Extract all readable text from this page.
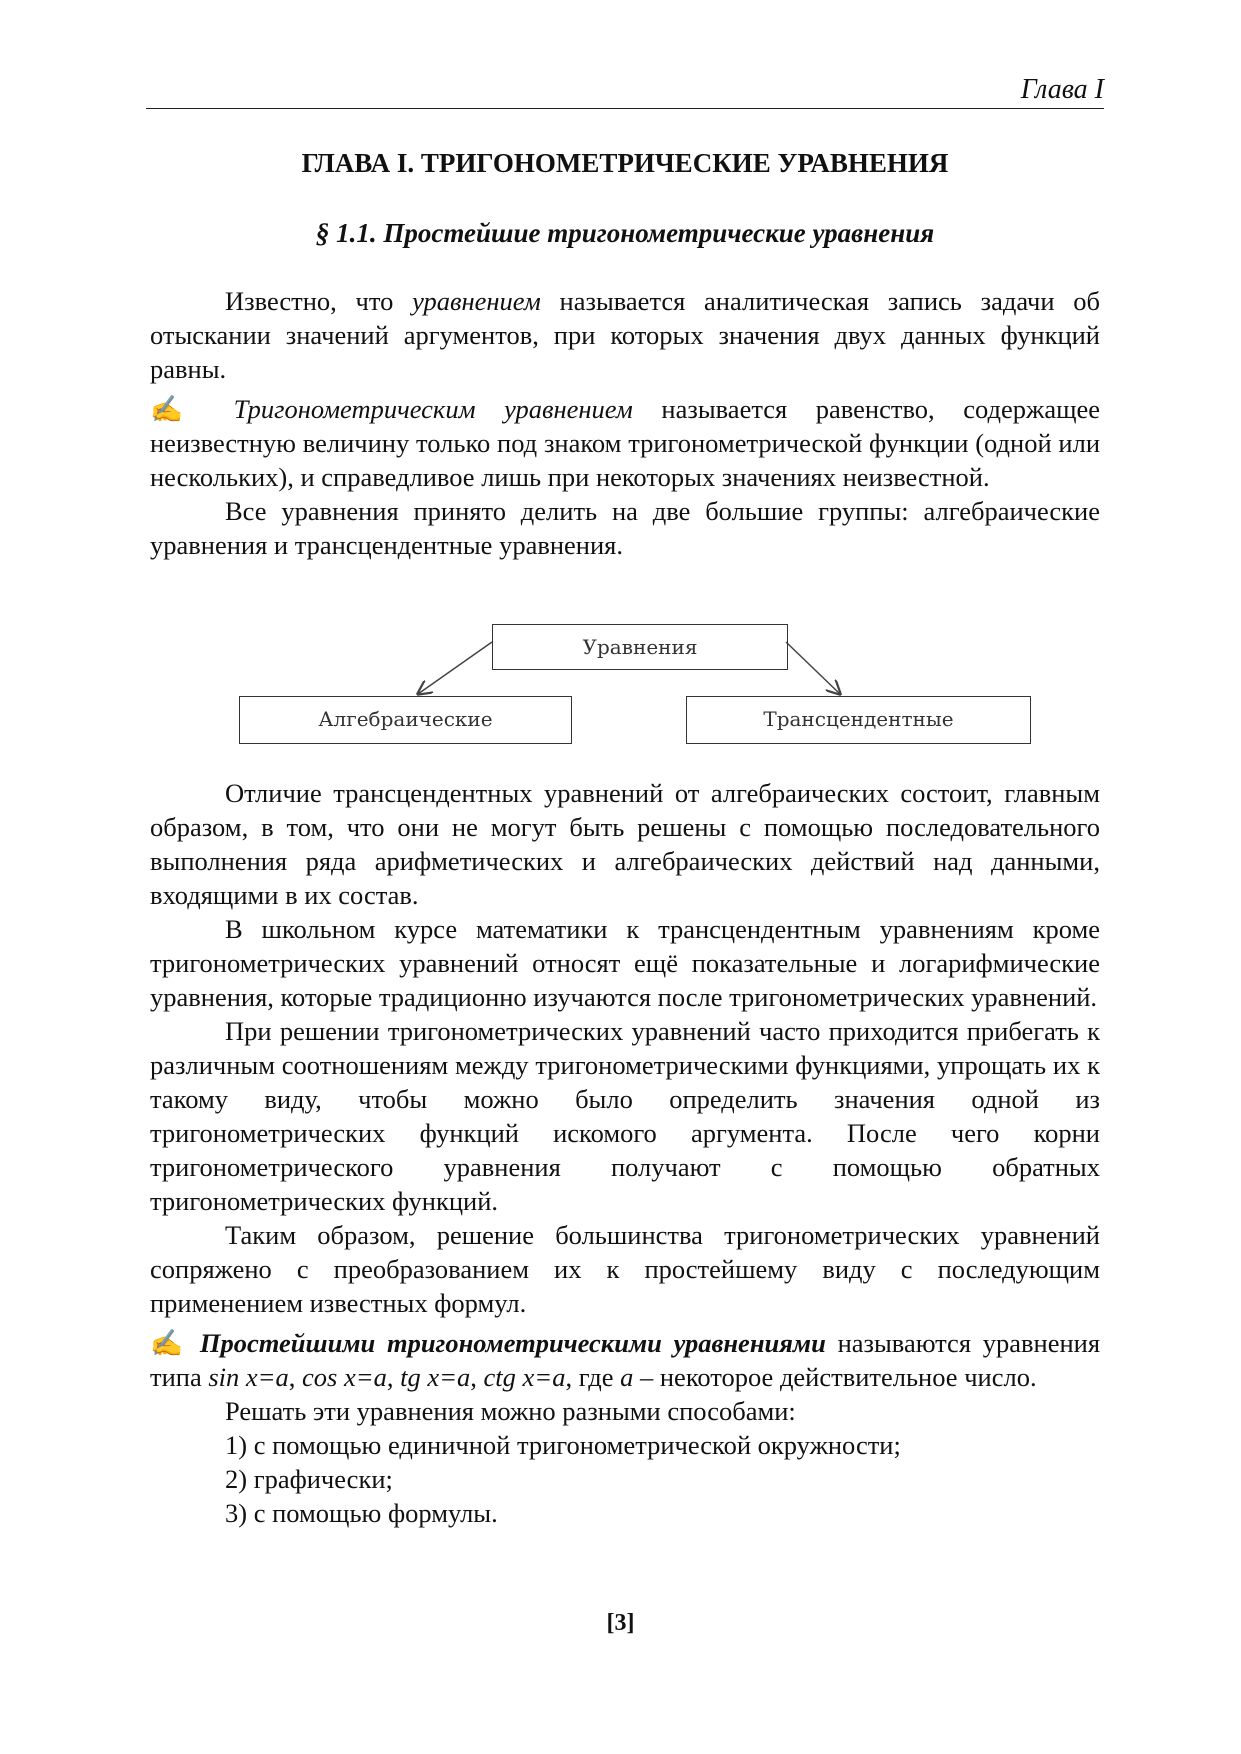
Глава I
ГЛАВА I. ТРИГОНОМЕТРИЧЕСКИЕ УРАВНЕНИЯ
§ 1.1. Простейшие тригонометрические уравнения

Известно, что уравнением называется аналитическая запись задачи об отыскании значений аргументов, при которых значения двух данных функций равны.

✍ Тригонометрическим уравнением называется равенство, содержащее неизвестную величину только под знаком тригонометрической функции (одной или нескольких), и справедливое лишь при некоторых значениях неизвестной.

Все уравнения принято делить на две большие группы: алгебраические уравнения и трансцендентные уравнения.

Уравнения
Алгебраические	Трансцендентные

Отличие трансцендентных уравнений от алгебраических состоит, главным образом, в том, что они не могут быть решены с помощью последовательного выполнения ряда арифметических и алгебраических действий над данными, входящими в их состав.

В школьном курсе математики к трансцендентным уравнениям кроме тригонометрических уравнений относят ещё показательные и логарифмические уравнения, которые традиционно изучаются после тригонометрических уравнений.

При решении тригонометрических уравнений часто приходится прибегать к различным соотношениям между тригонометрическими функциями, упрощать их к такому виду, чтобы можно было определить значения одной из тригонометрических функций искомого аргумента. После чего корни тригонометрического уравнения получают с помощью обратных тригонометрических функций.

Таким образом, решение большинства тригонометрических уравнений сопряжено с преобразованием их к простейшему виду с последующим применением известных формул.

✍ Простейшими тригонометрическими уравнениями называются уравнения типа sin x=a, cos x=a, tg x=a, ctg x=a, где a – некоторое действительное число.

Решать эти уравнения можно разными способами:

1) с помощью единичной тригонометрической окружности;

2) графически;

3) с помощью формулы.

[3]
